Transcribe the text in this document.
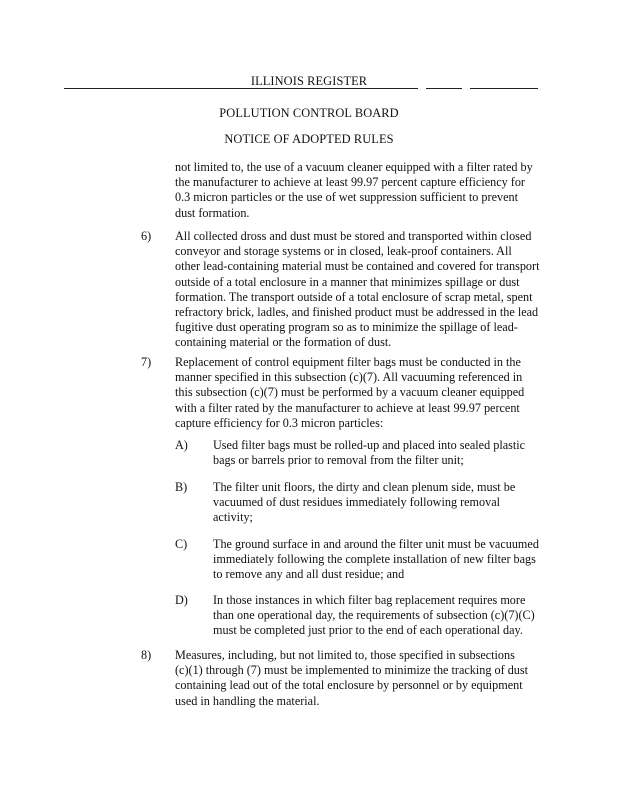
ILLINOIS REGISTER
POLLUTION CONTROL BOARD
NOTICE OF ADOPTED RULES
not limited to, the use of a vacuum cleaner equipped with a filter rated by
the manufacturer to achieve at least 99.97 percent capture efficiency for
0.3 micron particles or the use of wet suppression sufficient to prevent
dust formation.
6) All collected dross and dust must be stored and transported within closed
conveyor and storage systems or in closed, leak-proof containers. All
other lead-containing material must be contained and covered for transport
outside of a total enclosure in a manner that minimizes spillage or dust
formation. The transport outside of a total enclosure of scrap metal, spent
refractory brick, ladles, and finished product must be addressed in the lead
fugitive dust operating program so as to minimize the spillage of lead-
containing material or the formation of dust.
7) Replacement of control equipment filter bags must be conducted in the
manner specified in this subsection (c)(7). All vacuuming referenced in
this subsection (c)(7) must be performed by a vacuum cleaner equipped
with a filter rated by the manufacturer to achieve at least 99.97 percent
capture efficiency for 0.3 micron particles:
A) Used filter bags must be rolled-up and placed into sealed plastic
bags or barrels prior to removal from the filter unit;
B) The filter unit floors, the dirty and clean plenum side, must be
vacuumed of dust residues immediately following removal
activity;
C) The ground surface in and around the filter unit must be vacuumed
immediately following the complete installation of new filter bags
to remove any and all dust residue; and
D) In those instances in which filter bag replacement requires more
than one operational day, the requirements of subsection (c)(7)(C)
must be completed just prior to the end of each operational day.
8) Measures, including, but not limited to, those specified in subsections
(c)(1) through (7) must be implemented to minimize the tracking of dust
containing lead out of the total enclosure by personnel or by equipment
used in handling the material.
